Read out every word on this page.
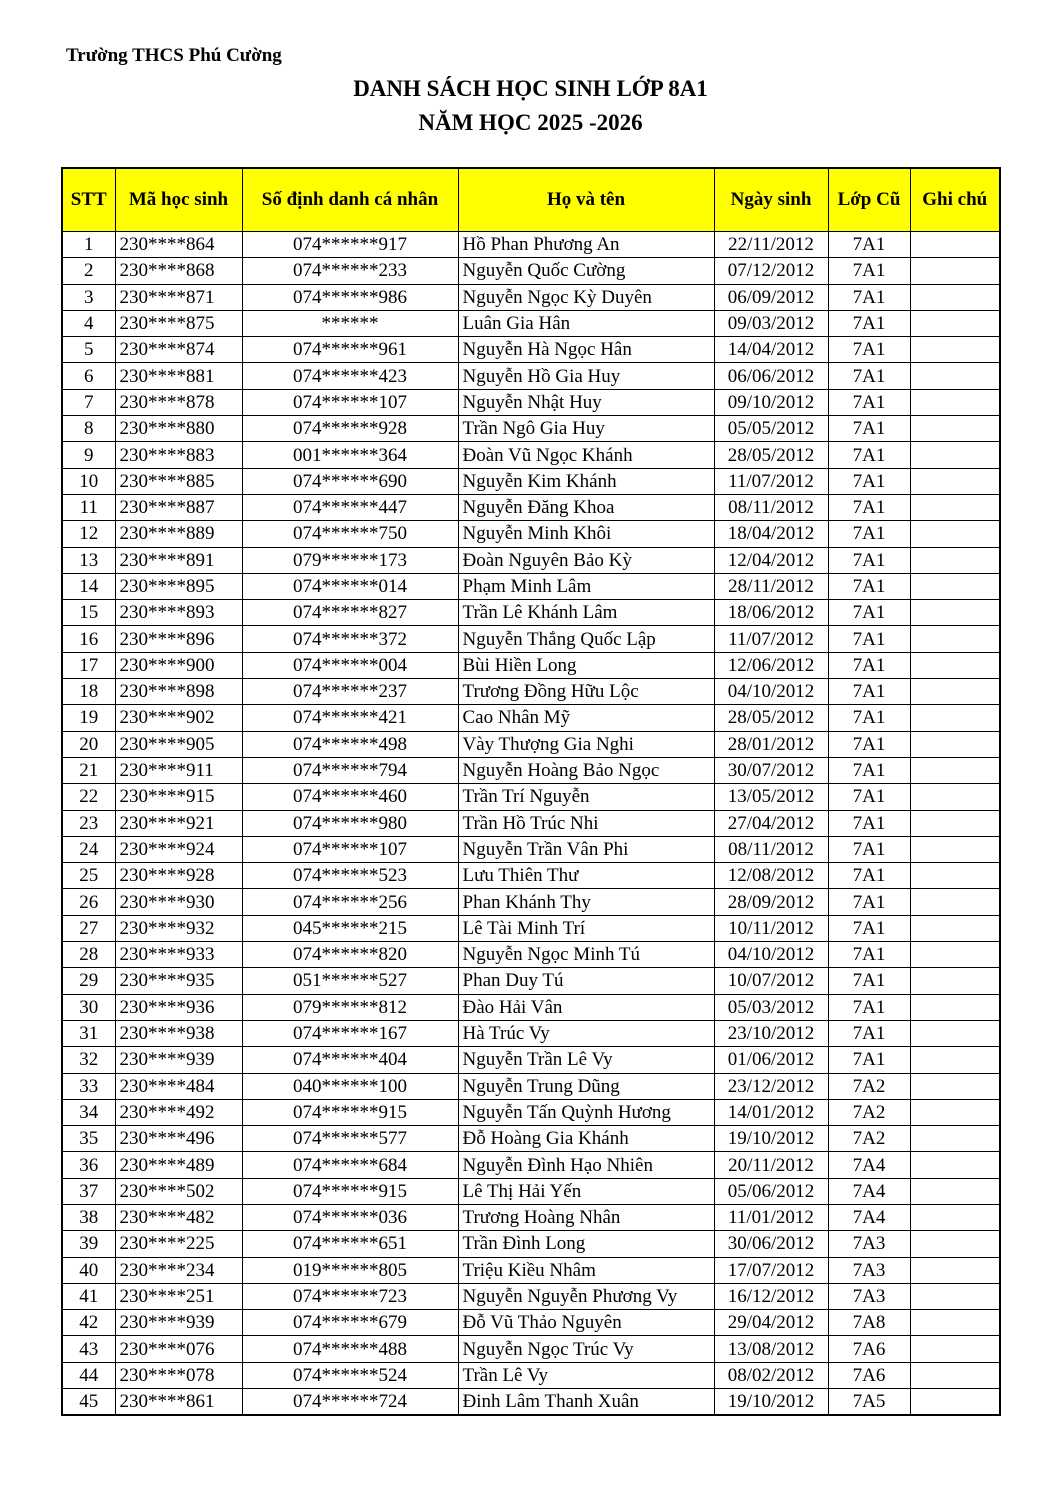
Trường THCS Phú Cường
DANH SÁCH HỌC SINH LỚP 8A1
NĂM HỌC 2025 -2026
STT	Mã học sinh	Số định danh cá nhân	Họ và tên	Ngày sinh	Lớp Cũ	Ghi chú
1	230****864	074******917	Hồ Phan Phương An	22/11/2012	7A1	
2	230****868	074******233	Nguyễn Quốc Cường	07/12/2012	7A1	
3	230****871	074******986	Nguyễn Ngọc Kỳ Duyên	06/09/2012	7A1	
4	230****875	******	Luân Gia Hân	09/03/2012	7A1	
5	230****874	074******961	Nguyễn Hà Ngọc Hân	14/04/2012	7A1	
6	230****881	074******423	Nguyễn Hồ Gia Huy	06/06/2012	7A1	
7	230****878	074******107	Nguyễn Nhật Huy	09/10/2012	7A1	
8	230****880	074******928	Trần Ngô Gia Huy	05/05/2012	7A1	
9	230****883	001******364	Đoàn Vũ Ngọc Khánh	28/05/2012	7A1	
10	230****885	074******690	Nguyễn Kim Khánh	11/07/2012	7A1	
11	230****887	074******447	Nguyễn Đăng Khoa	08/11/2012	7A1	
12	230****889	074******750	Nguyễn Minh Khôi	18/04/2012	7A1	
13	230****891	079******173	Đoàn Nguyên Bảo Kỳ	12/04/2012	7A1	
14	230****895	074******014	Phạm Minh Lâm	28/11/2012	7A1	
15	230****893	074******827	Trần Lê Khánh Lâm	18/06/2012	7A1	
16	230****896	074******372	Nguyễn Thắng Quốc Lập	11/07/2012	7A1	
17	230****900	074******004	Bùi Hiền Long	12/06/2012	7A1	
18	230****898	074******237	Trương Đồng Hữu Lộc	04/10/2012	7A1	
19	230****902	074******421	Cao Nhân Mỹ	28/05/2012	7A1	
20	230****905	074******498	Vày Thượng Gia Nghi	28/01/2012	7A1	
21	230****911	074******794	Nguyễn Hoàng Bảo Ngọc	30/07/2012	7A1	
22	230****915	074******460	Trần Trí Nguyễn	13/05/2012	7A1	
23	230****921	074******980	Trần Hồ Trúc Nhi	27/04/2012	7A1	
24	230****924	074******107	Nguyễn Trần Vân Phi	08/11/2012	7A1	
25	230****928	074******523	Lưu Thiên Thư	12/08/2012	7A1	
26	230****930	074******256	Phan Khánh Thy	28/09/2012	7A1	
27	230****932	045******215	Lê Tài Minh Trí	10/11/2012	7A1	
28	230****933	074******820	Nguyễn Ngọc Minh Tú	04/10/2012	7A1	
29	230****935	051******527	Phan Duy Tú	10/07/2012	7A1	
30	230****936	079******812	Đào Hải Vân	05/03/2012	7A1	
31	230****938	074******167	Hà Trúc Vy	23/10/2012	7A1	
32	230****939	074******404	Nguyễn Trần Lê Vy	01/06/2012	7A1	
33	230****484	040******100	Nguyễn Trung Dũng	23/12/2012	7A2	
34	230****492	074******915	Nguyễn Tấn Quỳnh Hương	14/01/2012	7A2	
35	230****496	074******577	Đỗ Hoàng Gia Khánh	19/10/2012	7A2	
36	230****489	074******684	Nguyễn Đình Hạo Nhiên	20/11/2012	7A4	
37	230****502	074******915	Lê Thị Hải Yến	05/06/2012	7A4	
38	230****482	074******036	Trương Hoàng Nhân	11/01/2012	7A4	
39	230****225	074******651	Trần Đình Long	30/06/2012	7A3	
40	230****234	019******805	Triệu Kiều Nhâm	17/07/2012	7A3	
41	230****251	074******723	Nguyễn Nguyễn Phương Vy	16/12/2012	7A3	
42	230****939	074******679	Đỗ Vũ Thảo Nguyên	29/04/2012	7A8	
43	230****076	074******488	Nguyễn Ngọc Trúc Vy	13/08/2012	7A6	
44	230****078	074******524	Trần Lê Vy	08/02/2012	7A6	
45	230****861	074******724	Đinh Lâm Thanh Xuân	19/10/2012	7A5	
